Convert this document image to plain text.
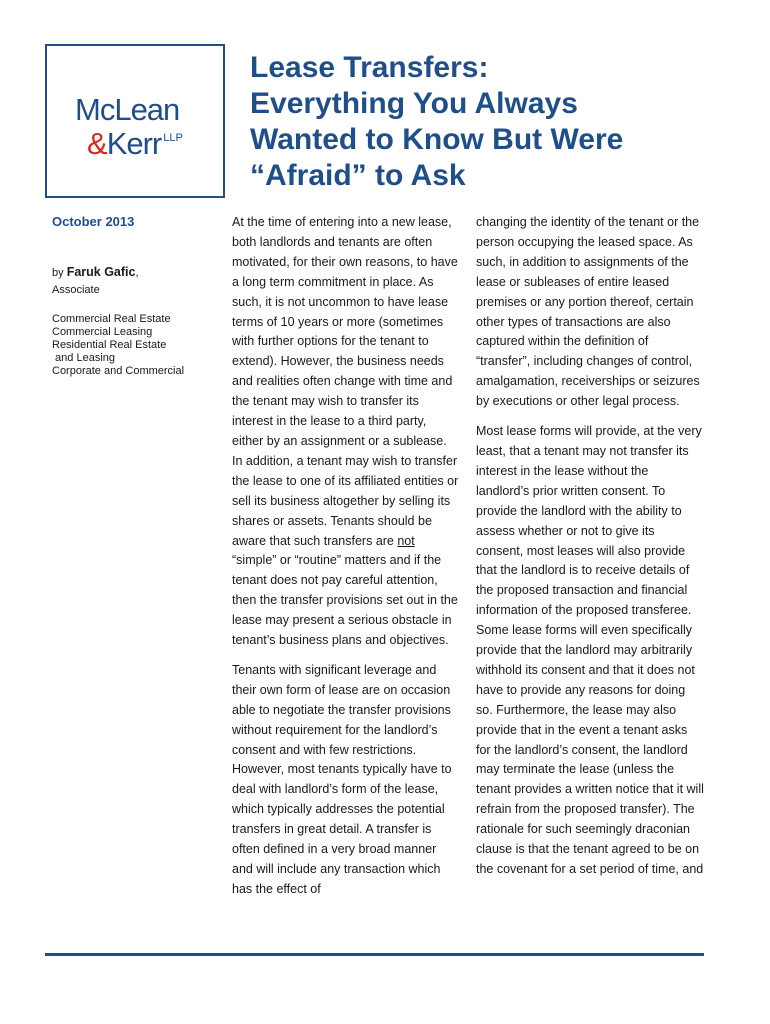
McLean
&Kerr $^{LLP}$
Lease Transfers:
Everything You Always
Wanted to Know But Were
“Afraid” to Ask

October 2013

by Faruk Gafic,
Associate
Commercial Real Estate
Commercial Leasing
Residential Real Estate
and Leasing
Corporate and Commercial

At the time of entering into a new lease, both landlords and tenants are often motivated, for their own reasons, to have a long term commitment in place. As such, it is not uncommon to have lease terms of 10 years or more (sometimes with further options for the tenant to extend). However, the business needs and realities often change with time and the tenant may wish to transfer its interest in the lease to a third party, either by an assignment or a sublease. In addition, a tenant may wish to transfer the lease to one of its affiliated entities or sell its business altogether by selling its shares or assets. Tenants should be aware that such transfers are not “simple” or “routine” matters and if the tenant does not pay careful attention, then the transfer provisions set out in the lease may present a serious obstacle in tenant’s business plans and objectives.

Tenants with significant leverage and their own form of lease are on occasion able to negotiate the transfer provisions without requirement for the landlord’s consent and with few restrictions. However, most tenants typically have to deal with landlord’s form of the lease, which typically addresses the potential transfers in great detail. A transfer is often defined in a very broad manner and will include any transaction which has the effect of

changing the identity of the tenant or the person occupying the leased space. As such, in addition to assignments of the lease or subleases of entire leased premises or any portion thereof, certain other types of transactions are also captured within the definition of “transfer”, including changes of control, amalgamation, receiverships or seizures by executions or other legal process.

Most lease forms will provide, at the very least, that a tenant may not transfer its interest in the lease without the landlord’s prior written consent. To provide the landlord with the ability to assess whether or not to give its consent, most leases will also provide that the landlord is to receive details of the proposed transaction and financial information of the proposed transferee. Some lease forms will even specifically provide that the landlord may arbitrarily withhold its consent and that it does not have to provide any reasons for doing so. Furthermore, the lease may also provide that in the event a tenant asks for the landlord’s consent, the landlord may terminate the lease (unless the tenant provides a written notice that it will refrain from the proposed transfer). The rationale for such seemingly draconian clause is that the tenant agreed to be on the covenant for a set period of time, and
